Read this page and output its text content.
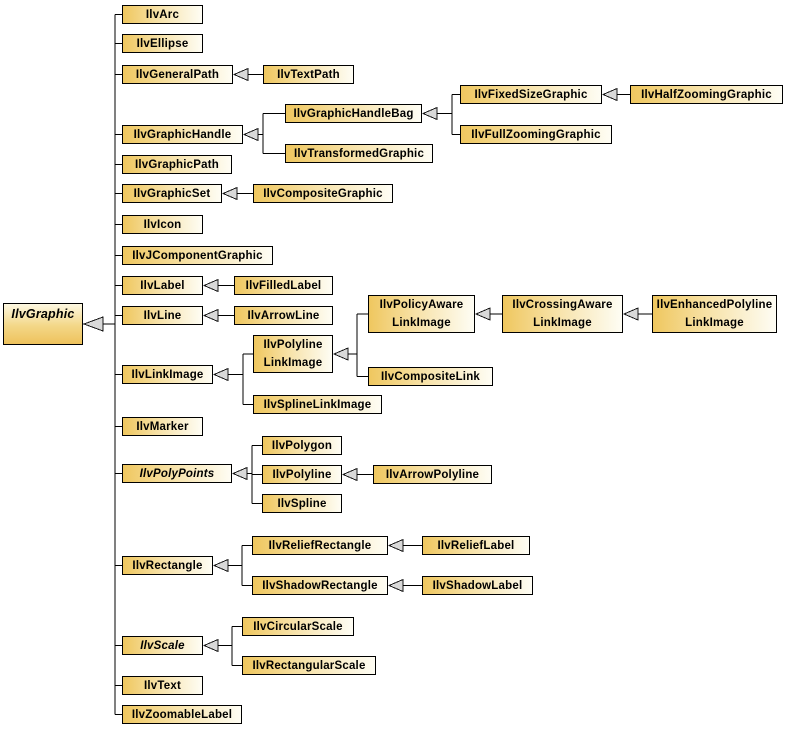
IlvGraphic
IlvArc
IlvEllipse
IlvGeneralPath
IlvGraphicHandle
IlvGraphicPath
IlvGraphicSet
IlvIcon
IlvJComponentGraphic
IlvLabel
IlvLine
IlvLinkImage
IlvMarker
IlvPolyPoints
IlvRectangle
IlvScale
IlvText
IlvZoomableLabel
IlvTextPath
IlvGraphicHandleBag
IlvTransformedGraphic
IlvCompositeGraphic
IlvFilledLabel
IlvArrowLine
IlvPolyline
LinkImage
IlvSplineLinkImage
IlvPolygon
IlvPolyline
IlvSpline
IlvReliefRectangle
IlvShadowRectangle
IlvCircularScale
IlvRectangularScale
IlvFixedSizeGraphic
IlvFullZoomingGraphic
IlvPolicyAware
LinkImage
IlvCompositeLink
IlvArrowPolyline
IlvReliefLabel
IlvShadowLabel
IlvHalfZoomingGraphic
IlvCrossingAware
LinkImage
IlvEnhancedPolyline
LinkImage
